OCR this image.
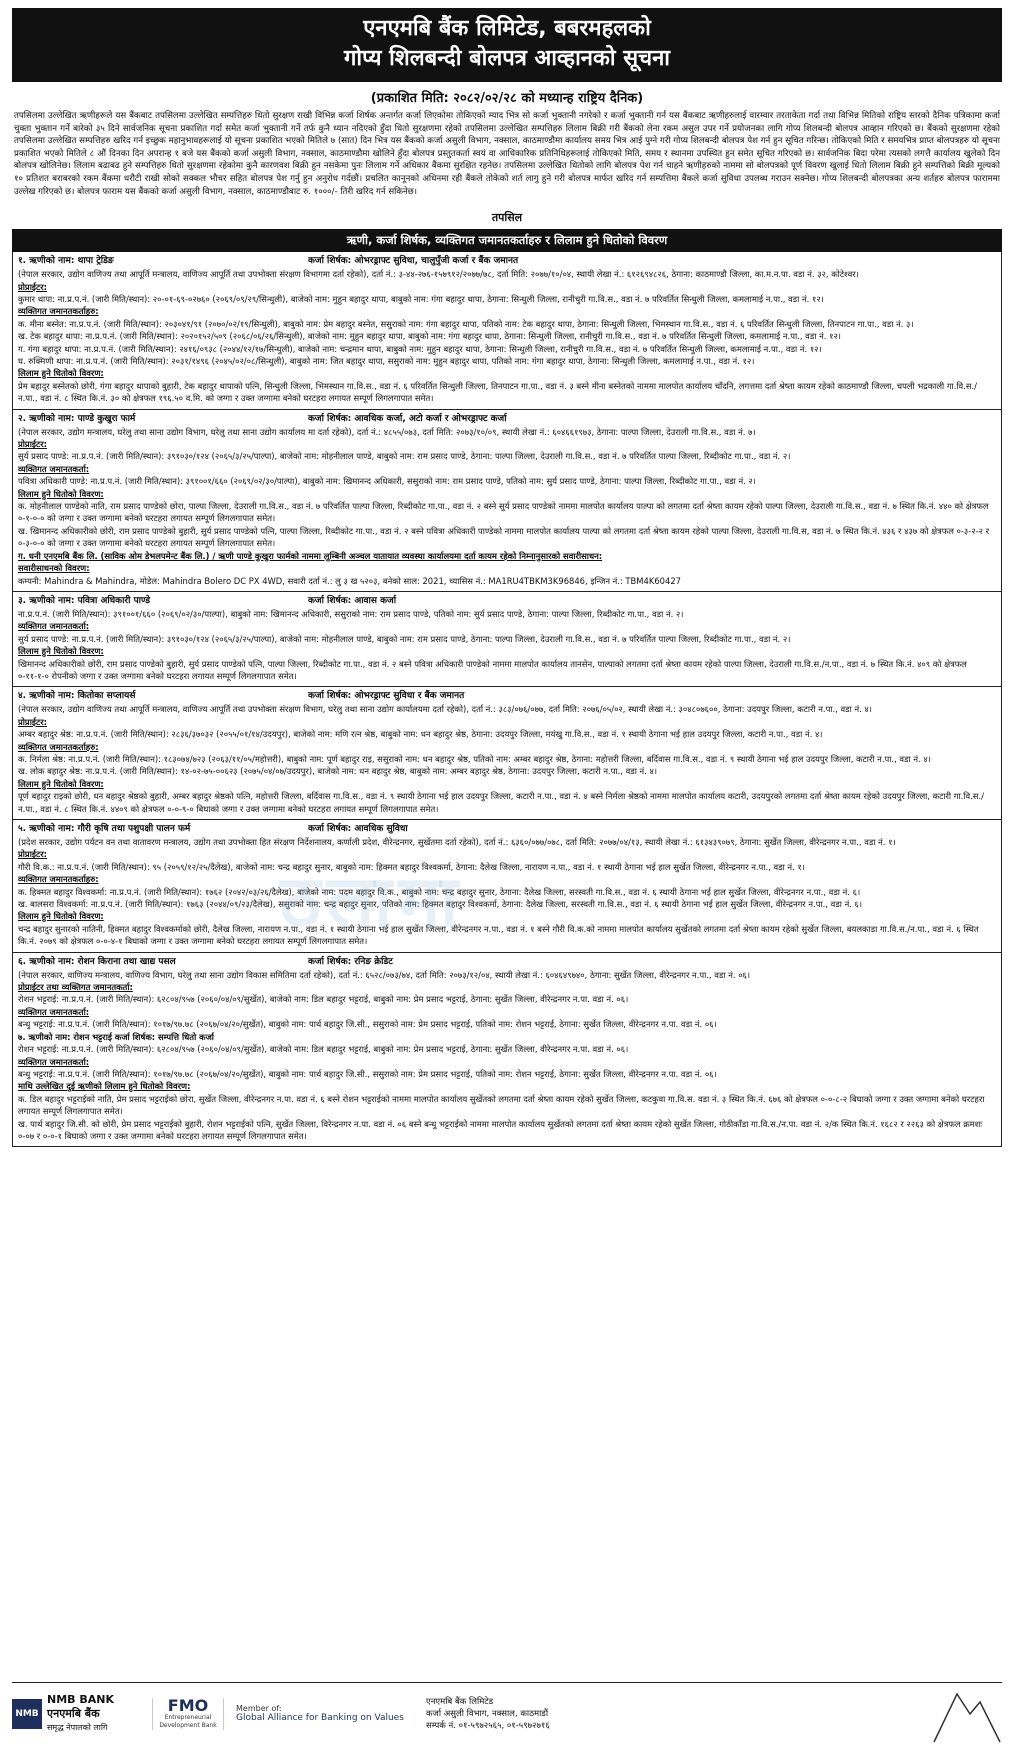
एनएमबि बैंक लिमिटेड, बबरमहलको
गोप्य शिलबन्दी बोलपत्र आव्हानको सूचना
(प्रकाशित मिति: २०८२/०२/२८ को मध्यान्ह राष्ट्रिय दैनिक)
तपसिलमा उल्लेखित ऋणीहरूले यस बैंकबाट तपसिलमा उल्लेखित सम्पत्तिहरु धितो सुरक्षण राखी विभिन्न कर्जा शिर्षक अन्तर्गत कर्जा लिएकोमा तोकिएको म्याद भित्र सो कर्जा भुक्तानी नगरेको र कर्जा भुक्तानी गर्न यस बैंकबाट ऋणीहरुलाई वारम्वार तरताकेता गर्दा तथा विभिन्न मितिको राष्ट्रिय स्तरको दैनिक पत्रिकामा कर्जा चुक्ता भुक्तान गर्ने बारेको ३५ दिने सार्वजनिक सूचना प्रकाशित गर्दा समेत कर्जा भुक्तानी गर्ने तर्फ कुनै ध्यान नदिएको हुँदा धितो सुरक्षणमा रहेको तपसिलमा उल्लेखित सम्पत्तिहरु लिलाम बिक्री गरी बैंकको लेना रकम असुल उपर गर्ने प्रयोजनका लागि गोप्य शिलबन्दी बोलपत्र आव्हान गरिएको छ। बैंकको सुरक्षणमा रहेको तपसिलमा उल्लेखित सम्पत्तिहरु खरिद गर्न इच्छुक महानुभावहरूलाई यो सूचना प्रकाशित भएको मितिले ७ (सात) दिन भित्र यस बैंकको कर्जा असुली विभाग, नक्साल, काठमाण्डौमा कार्यालय समय भित्र आई पुग्ने गरी गोप्य शिलबन्दी बोलपत्र पेश गर्न हुन सूचित गरिन्छ। तोकिएको मिति र समयभित्र प्राप्त बोलपत्रहरु यो सूचना प्रकाशित भएको मितिले ८ औं दिनका दिन अपरान्ह १ बजे यस बैंकको कर्जा असुली विभाग, नक्साल, काठमाण्डौमा खोलिने हुँदा बोलपत्र प्रस्तुतकर्ता स्वयं वा आधिकारिक प्रतिनिधिहरूलाई तोकिएको मिति, समय र स्थानमा उपस्थित हुन समेत सूचित गरिएको छ। सार्वजनिक बिदा परेमा त्यसको लगत्तै कार्यालय खुलेको दिन बोलपत्र खोलिनेछ। लिलाम बढाबढ हुने सम्पत्तिहरु धितो सुरक्षणमा रहेकोमा कुनै कारणवश बिक्री हुन नसकेमा पुनः लिलाम गर्ने अधिकार बैंकमा सुरक्षित रहनेछ। तपसिलमा उल्लेखित धितोको लागि बोलपत्र पेश गर्न चाहने ऋणीहरुको नाममा सो बोलपत्रको पूर्ण विवरण खुलाई धितो लिलाम बिक्री हुने सम्पत्तिको बिक्री मूल्यको १० प्रतिशत बराबरको रकम बैंकमा धरौटी राखी सोको सक्कल भौचर सहित बोलपत्र पेश गर्नु हुन अनुरोध गर्दछौं। प्रचलित कानूनको अधिनमा रही बैंकले तोकेको शर्त लागु हुने गरी बोलपत्र मार्फत खरिद गर्न सम्पत्तिमा बैंकले कर्जा सुविधा उपलब्ध गराउन सक्नेछ। गोप्य शिलबन्दी बोलपत्रका अन्य शर्तहरु बोलपत्र फाराममा उल्लेख गरिएको छ। बोलपत्र फाराम यस बैंकको कर्जा असुली विभाग, नक्साल, काठमाण्डौबाट रु. १०००/- तिरी खरिद गर्न सकिनेछ।
तपसिल
ऋणी, कर्जा शिर्षक, व्यक्तिगत जमानतकर्ताहरु र लिलाम हुने धितोको विवरण
१. ऋणीको नाम: थापा ट्रेडिङ	कर्जा शिर्षक: ओभरड्राफ्ट सुविधा, चालुपुँजी कर्जा र बैंक जमानत

(नेपाल सरकार, उद्योग वाणिज्य तथा आपूर्ति मन्त्रालय, वाणिज्य आपूर्ति तथा उपभोक्ता संरक्षण विभागमा दर्ता रहेको), दर्ता नं.: ३-४४-२७६-१५७९१२/२०७७/७८, दर्ता मिति: २०७७/१०/०४, स्थायी लेखा नं.: ६१२६९४८२६, ठेगाना: काठमाण्डौ जिल्ला, का.म.न.पा. वडा नं. ३२, कोटेश्वर।

प्रोप्राईटर:

कुमार थापा: ना.प्र.प.नं. (जारी मिति/स्थान): २०-०१-६९-०२७६० (२०६९/०९/२९/सिन्धुली), बाजेको नाम: मुहुन बहादुर थापा, बाबुको नाम: गंगा बहादुर थापा, ठेगाना: सिन्धुली जिल्ला, रानीचुरी गा.वि.स., वडा नं. ७ परिवर्तित सिन्धुली जिल्ला, कमलामाई न.पा., वडा नं. १२।

व्यक्तिगत जमानतकर्ताहरु:

क. मीना बस्नेत: ना.प्र.प.नं. (जारी मिति/स्थान): २०३०४१/९१ (२०७०/०२/१९/सिन्धुली), बाबुको नाम: प्रेम बहादुर बस्नेत, ससुराको नाम: गंगा बहादुर थापा, पतिको नाम: टेक बहादुर थापा, ठेगाना: सिन्धुली जिल्ला, भिमस्थान गा.वि.स., वडा नं. ६ परिवर्तित सिन्धुली जिल्ला, तिनपाटन गा.पा., वडा नं. ३।

ख. टेक बहादुर थापा: ना.प्र.प.नं. (जारी मिति/स्थान): २०२०१५२/५०९ (२०६८/०६/२६/सिन्धुली), बाजेको नाम: मुहुन बहादुर थापा, बाबुको नाम: गंगा बहादुर थापा, ठेगाना: सिन्धुली जिल्ला, रानीचुरी गा.वि.स., वडा नं. ७ परिवर्तित सिन्धुली जिल्ला, कमलामाई न.पा., वडा नं. १२।

ग. गंगा बहादुर थापा: ना.प्र.प.नं. (जारी मिति/स्थान): २४१६/०९३८ (२०४४/१२/१७/सिन्धुली), बाजेको नाम: चन्द्रमान थापा, बाबुको नाम: मुहुन बहादुर थापा, ठेगाना: सिन्धुली जिल्ला, रानीचुरी गा.वि.स., वडा नं. ७ परिवर्तित सिन्धुली जिल्ला, कमलामाई न.पा., वडा नं. १२।

घ. रुक्मिणी थापा: ना.प्र.प.नं. (जारी मिति/स्थान): २०३१/१४९६ (२०४५/०२/०८/सिन्धुली), बाबुको नाम: जित बहादुर थापा, ससुराको नाम: मुहुन बहादुर थापा, पतिको नाम: गंगा बहादुर थापा, ठेगाना: सिन्धुली जिल्ला, कमलामाई न.पा., वडा नं. १२।

लिलाम हुने धितोको विवरण:

प्रेम बहादुर बस्नेतको छोरी, गंगा बहादुर थापाको बुहारी, टेक बहादुर थापाको पत्नि, सिन्धुली जिल्ला, भिमस्थान गा.वि.स., वडा नं. ६ परिवर्तित सिन्धुली जिल्ला, तिनपाटन गा.पा., वडा नं. ३ बस्ने मीना बस्नेतको नाममा मालपोत कार्यालय चाँदनि, लगत्तमा दर्ता श्रेष्ता कायम रहेको काठमाण्डौ जिल्ला, चपली भद्रकाली गा.वि.स./न.पा., वडा नं. ८ स्थित कि.नं. ३० को क्षेत्रफल १९६.५० व.मि. को जग्गा र उक्त जग्गामा बनेको घरटहरा लगायत सम्पूर्ण लिगलगापात समेत।

२. ऋणीको नाम: पाण्डे कुखुरा फार्म	कर्जा शिर्षक: आवधिक कर्जा, अटो कर्जा र ओभरड्राफ्ट कर्जा

(नेपाल सरकार, उद्योग मन्त्रालय, घरेलु तथा साना उद्योग विभाग, घरेलु तथा साना उद्योग कार्यालय मा दर्ता रहेको), दर्ता नं.: ४८५५/०७३, दर्ता मिति: २०७३/१०/०९, स्थायी लेखा नं.: ६०४६६१९७३, ठेगाना: पाल्पा जिल्ला, देउराली गा.वि.स., वडा नं. ७।

प्रोप्राईटर:

सुर्य प्रसाद पाण्डे: ना.प्र.प.नं. (जारी मिति/स्थान): ३९१०३०/१२४ (२०६५/३/२५/पाल्पा), बाजेको नाम: मोहनीलाल पाण्डे, बाबुको नाम: राम प्रसाद पाण्डे, ठेगाना: पाल्पा जिल्ला, देउराली गा.वि.स., वडा नं. ७ परिवर्तित पाल्पा जिल्ला, रिब्दीकोट गा.पा., वडा नं. २।

व्यक्तिगत जमानतकर्ता:

पवित्रा अधिकारी पाण्डे: ना.प्र.प.नं. (जारी मिति/स्थान): ३९१००१/६६० (२०६९/०२/३०/पाल्पा), बाबुको नाम: खिमानन्द अधिकारी, ससुराको नाम: राम प्रसाद पाण्डे, पतिको नाम: सुर्य प्रसाद पाण्डे, ठेगाना: पाल्पा जिल्ला, रिब्दीकोट गा.पा., वडा नं. २।

लिलाम हुने धितोको विवरण:

क. मोहनीलाल पाण्डेको नाति, राम प्रसाद पाण्डेको छोरा, पाल्पा जिल्ला, देउराली गा.वि.स., वडा नं. ७ परिवर्तित पाल्पा जिल्ला, रिब्दीकोट गा.पा., वडा नं. २ बस्ने सुर्य प्रसाद पाण्डेको नाममा मालपोत कार्यालय पाल्पा को लगतमा दर्ता श्रेष्ता कायम रहेको पाल्पा जिल्ला, देउराली गा.वि.स., वडा नं. ७ स्थित कि.नं. ४४० को क्षेत्रफल ०-१-०-० को जग्गा र उक्त जग्गामा बनेको घरटहरा लगायत सम्पूर्ण लिगलगापात समेत।

ख. खिमानन्द अधिकारीको छोरी, राम प्रसाद पाण्डेको बुहारी, सुर्य प्रसाद पाण्डेको पत्नि, पाल्पा जिल्ला, रिब्दीकोट गा.पा., वडा नं. २ बस्ने पवित्रा अधिकारी पाण्डेको नाममा मालपोत कार्यालय पाल्पा को लगतमा दर्ता श्रेष्ता कायम रहेको पाल्पा जिल्ला, देउराली गा.वि.स, वडा नं. ७ स्थित कि.नं. ४३६ र ४३७ को क्षेत्रफल ०-३-२-२ र ०-३-०-० को जग्गा र उक्त जग्गामा बनेको घरटहरा लगायत सम्पूर्ण लिगलगापात समेत।

ग. धनी एनएमबि बैंक लि. (साविक ओम डेभलपमेन्ट बैंक लि.) / ऋणी पाण्डे कुखुरा फार्मको नाममा लुम्बिनी अञ्चल यातायात व्यवस्था कार्यालयमा दर्ता कायम रहेको निम्नानुसारको सवारीसाधन:

सवारीसाधनको विवरण:

कम्पनी: Mahindra & Mahindra, मोडेल: Mahindra Bolero DC PX 4WD, सवारी दर्ता नं.: लु ३ ख ५२०३, बनेको साल: 2021, च्यासिस नं.: MA1RU4TBKM3K96846, इन्जिन नं.: TBM4K60427

३. ऋणीको नाम: पवित्रा अधिकारी पाण्डे	कर्जा शिर्षक: आवास कर्जा

ना.प्र.प.नं. (जारी मिति/स्थान): ३९१००१/६६० (२०६९/०२/३०/पाल्पा), बाबुको नाम: खिमानन्द अधिकारी, ससुराको नाम: राम प्रसाद पाण्डे, पतिको नाम: सुर्य प्रसाद पाण्डे, ठेगाना: पाल्पा जिल्ला, रिब्दीकोट गा.पा., वडा नं. २।

व्यक्तिगत जमानतकर्ता:

सुर्य प्रसाद पाण्डे: ना.प्र.प.नं. (जारी मिति/स्थान): ३९१०३०/१२४ (२०६५/३/२५/पाल्पा), बाजेको नाम: मोहनीलाल पाण्डे, बाबुको नाम: राम प्रसाद पाण्डे, ठेगाना: पाल्पा जिल्ला, देउराली गा.वि.स., वडा नं. ७ परिवर्तित पाल्पा जिल्ला, रिब्दीकोट गा.पा., वडा नं. २।

लिलाम हुने धितोको विवरण:

खिमानन्द अधिकारीको छोरी, राम प्रसाद पाण्डेको बुहारी, सुर्य प्रसाद पाण्डेको पत्नि, पाल्पा जिल्ला, रिब्दीकोट गा.पा., वडा नं. २ बस्ने पवित्रा अधिकारी पाण्डेको नाममा मालपोत कार्यालय तानसेन, पाल्पाको लगतमा दर्ता श्रेष्ता कायम रहेको पाल्पा जिल्ला, देउराली गा.वि.स./न.पा., वडा नं. ७ स्थित कि.नं. ४०९ को क्षेत्रफल ०-११-१-० रोपनीको जग्गा र उक्त जग्गामा बनेको घरटहरा लगायत सम्पूर्ण लिगलगापात समेत।

४. ऋणीको नाम: कितोका सप्लायर्स	कर्जा शिर्षक: ओभरड्राफ्ट सुविधा र बैंक जमानत

(नेपाल सरकार, उद्योग वाणिज्य तथा आपूर्ति मन्त्रालय, वाणिज्य आपूर्ति तथा उपभोक्ता संरक्षण विभाग, घरेलु तथा साना उद्योग कार्यालयमा दर्ता रहेको), दर्ता नं.: ३८३/०७६/०७७, दर्ता मिति: २०७६/०५/०२, स्थायी लेखा नं.: ३०४८०७६००, ठेगाना: उदयपुर जिल्ला, कटारी न.पा., वडा नं. ४।

प्रोप्राईटर:

अम्बर बहादुर श्रेष्ठ: ना.प्र.प.नं. (जारी मिति/स्थान): २८३६/३७०३२ (२०५५/०१/१४/उदयपुर), बाजेको नाम: मणि रत्न श्रेष्ठ, बाबुको नाम: धन बहादुर श्रेष्ठ, ठेगाना: उदयपुर जिल्ला, मयंखु गा.वि.स., वडा नं. १ स्थायी ठेगाना भई हाल उदयपुर जिल्ला, कटारी न.पा., वडा नं. ४।

व्यक्तिगत जमानतकर्ताहरु:

क. निर्मला श्रेष्ठ: ना.प्र.प.नं. (जारी मिति/स्थान): १८३०७४/७२३ (२०६३/११/०५/महोत्तरी), बाबुको नाम: पूर्ण बहादुर राइ, ससुराको नाम: धन बहादुर श्रेष्ठ, पतिको नाम: अम्बर बहादुर श्रेष्ठ, ठेगाना: महोत्तरी जिल्ला, बर्दिवास गा.वि.स., वडा नं. ९ स्थायी ठेगाना भई हाल उदयपुर जिल्ला, कटारी न.पा., वडा नं. ४।

ख. लोक बहादुर श्रेष्ठ: ना.प्र.प.नं. (जारी मिति/स्थान): १४-०२-७५-००६२३ (२०७५/०४/०७/उदयपुर), बाजेको नाम: धन बहादुर श्रेष्ठ, बाबुको नाम: अम्बर बहादुर श्रेष्ठ, ठेगाना: उदयपुर जिल्ला, कटारी न.पा., वडा नं. ४।

लिलाम हुने धितोको विवरण:

पूर्ण बहादुर राइको छोरी, धन बहादुर श्रेष्ठको बुहारी, अम्बर बहादुर श्रेष्ठको पत्नि, महोत्तरी जिल्ला, बर्दिवास गा.वि.स., वडा नं. ९ स्थायी ठेगाना भई हाल उदयपुर जिल्ला, कटारी न.पा., वडा नं. ४ बस्ने निर्मला श्रेष्ठको नाममा मालपोत कार्यालय कटारी, उदयपुरको लगतमा दर्ता श्रेष्ता कायम रहेको उदयपुर जिल्ला, कटारी गा.वि.स./न.पा., वडा नं. ८ स्थित कि.नं. ४४०९ को क्षेत्रफल ०-०-९-० बिघाको जग्गा र उक्त जग्गामा बनेको घरटहरा लगायत सम्पूर्ण लिगलगापात समेत।

५. ऋणीको नाम: गौरी कृषि तथा पशुपक्षी पालन फर्म	कर्जा शिर्षक: आवधिक सुविधा

(प्रदेश सरकार, उद्योग पर्यटन वन तथा वातावरण मन्त्रालय, उद्योग तथा उपभोक्ता हित संरक्षण निर्देशनालय, कर्णाली प्रदेश, वीरेन्द्रनगर, सुर्खेतमा दर्ता रहेको), दर्ता नं.: ६३६०/०७७/०७८, दर्ता मिति: २०७७/०४/१३, स्थायी लेखा नं.: ६१३४३९०७९, ठेगाना: सुर्खेत जिल्ला, वीरेन्द्रनगर न.पा., वडा नं. १।

प्रोप्राईटर:

गौरी वि.क.: ना.प्र.प.नं. (जारी मिति/स्थान): ९५ (२०५९/१२/२५/दैलेख), बाजेको नाम: चन्द्र बहादुर सुनार, बाबुको नाम: हिक्मत बहादुर विश्वकर्मा, ठेगाना: दैलेख जिल्ला, नारायण न.पा., वडा नं. १ स्थायी ठेगाना भई हाल सुर्खेत जिल्ला, वीरेन्द्रनगर न.पा., वडा नं. १।

व्यक्तिगत जमानतकर्ताहरु:

क. हिक्मत बहादुर विश्वकर्मा: ना.प्र.प.नं. (जारी मिति/स्थान): १७६२ (२०४२/०३/२६/दैलेख), बाजेको नाम: पदम बहादुर वि.क., बाबुको नाम: चन्द्र बहादुर सुनार, ठेगाना: दैलेख जिल्ला, सरस्वती गा.वि.स., वडा नं. ६ स्थायी ठेगाना भई हाल सुर्खेत जिल्ला, वीरेन्द्रनगर न.पा., वडा नं. ६।

ख. बालसरा विश्वकर्मा: ना.प्र.प.नं. (जारी मिति/स्थान): १७६३ (२०४४/०९/२३/दैलेख), ससुराको नाम: चन्द्र बहादुर सुनार, पतिको नाम: हिक्मत बहादुर विश्वकर्मा, ठेगाना: दैलेख जिल्ला, सरस्वती गा.वि.स., वडा नं. ६ स्थायी ठेगाना भई हाल सुर्खेत जिल्ला, वीरेन्द्रनगर न.पा., वडा नं. ६।

लिलाम हुने धितोको विवरण:

चन्द्र बहादुर सुनारको नातिनी, हिक्मत बहादुर विश्वकर्माको छोरी, दैलेख जिल्ला, नारायण न.पा., वडा नं. १ स्थायी ठेगाना भई हाल सुर्खेत जिल्ला, वीरेन्द्रनगर न.पा., वडा नं. १ बस्ने गौरी वि.क.को नाममा मालपोत कार्यालय सुर्खेतको लगतमा दर्ता श्रेष्ता कायम रहेको सुर्खेत जिल्ला, बयलकाडा गा.वि.स./न.पा., वडा नं. ६ स्थित कि.नं. २०७९ को क्षेत्रफल ०-०-४-१ बिघाको जग्गा र उक्त जग्गामा बनेको घरटहरा लगायत सम्पूर्ण लिगलगापात समेत।

६. ऋणीको नाम: रोशन किराना तथा खाद्य पसल	कर्जा शिर्षक: रनिङ क्रेडिट

(नेपाल सरकार, वाणिज्य मन्त्रालय, वाणिज्य विभाग, घरेलु तथा साना उद्योग विकास समितिमा दर्ता रहेको), दर्ता नं.: ६५२८/०७३/७४, दर्ता मिति: २०७३/१२/०४, स्थायी लेखा नं.: ६०४६४९७४०, ठेगाना: सुर्खेत जिल्ला, वीरेन्द्रनगर न.पा., वडा नं. ०६।

प्रोप्राईटर तथा व्यक्तिगत जमानतकर्ता:

रोशन भट्टराई: ना.प्र.प.नं. (जारी मिति/स्थान): ६२८०४/९५७ (२०६०/०४/०९/सुर्खेत), बाजेको नाम: डिल बहादुर भट्टराई, बाबुको नाम: प्रेम प्रसाद भट्टराई, ठेगाना: सुर्खेत जिल्ला, वीरेन्द्रनगर न.पा. वडा नं. ०६।

व्यक्तिगत जमानतकर्ता:

बन्धु भट्टराई: ना.प्र.प.नं. (जारी मिति/स्थान): १०१७/९७.७८ (२०६७/०४/२०/सुर्खेत), बाबुको नाम: पार्थ बहादुर जि.सी., ससुराको नाम: प्रेम प्रसाद भट्टराई, पतिको नाम: रोशन भट्टराई, ठेगाना: सुर्खेत जिल्ला, वीरेन्द्रनगर न.पा. वडा नं. ०६।

७. ऋणीको नाम: रोशन भट्टराई कर्जा शिर्षक: सम्पत्ति धितो कर्जा

रोशन भट्टराई: ना.प्र.प.नं. (जारी मिति/स्थान): ६२८०४/९५७ (२०६०/०४/०९/सुर्खेत), बाजेको नाम: डिल बहादुर भट्टराई, बाबुको नाम: प्रेम प्रसाद भट्टराई, ठेगाना: सुर्खेत जिल्ला, वीरेन्द्रनगर न.पा. वडा नं. ०६।

व्यक्तिगत जमानतकर्ता:

बन्धु भट्टराई: ना.प्र.प.नं. (जारी मिति/स्थान): १०१७/९७.७८ (२०६७/०४/२०/सुर्खेत), बाबुको नाम: पार्थ बहादुर जि.सी., ससुराको नाम: प्रेम प्रसाद भट्टराई, पतिको नाम: रोशन भट्टराई, ठेगाना: सुर्खेत जिल्ला, वीरेन्द्रनगर न.पा. वडा नं. ०६।

माथि उल्लेखित दुई ऋणीको लिलाम हुने धितोको विवरण:

क. डिल बहादुर भट्टराईको नाति, प्रेम प्रसाद भट्टराईको छोरा, सुर्खेत जिल्ला, वीरेन्द्रनगर न.पा. वडा नं. ६ बस्ने रोशन भट्टराईको नाममा मालपोत कार्यालय सुर्खेतको लगतमा दर्ता श्रेष्ता कायम रहेको सुर्खेत जिल्ला, कटकुवा गा.वि.स. वडा नं. ३ स्थित कि.नं. ६७६ को क्षेत्रफल ०-०-८-२ बिघाको जग्गा र उक्त जग्गामा बनेको घरटहरा लगायत सम्पूर्ण लिगलगापात समेत।

ख. पार्थ बहादुर जि.सी. को छोरी, प्रेम प्रसाद भट्टराईको बुहारी, रोशन भट्टराईको पत्नि, सुर्खेत जिल्ला, विरेन्द्रनगर न.पा. वडा नं. ०६ बस्ने बन्धु भट्टराईको नाममा मालपोत कार्यालय सुर्खेतको लगतमा दर्ता श्रेष्ता कायम रहेको सुर्खेत जिल्ला, गोठीकाँडा गा.वि.स./न.पा. वडा नं. २/क स्थित कि.नं. १६८२ र २२६३ को क्षेत्रफल क्रमशः ०-०७ र ०-०-१ बिघाको जग्गा र उक्त जग्गामा बनेको घरटहरा लगायत सम्पूर्ण लिगलगापात समेत।

ठलामा
NMB
NMB BANK
एनएमबि बैंक
समृद्ध नेपालको लागि
FMO
Entrepreneurial Development Bank
Member of:
Global Alliance for Banking on Values
एनएमबि बैंक लिमिटेड
कर्जा असुली विभाग, नक्साल, काठमाडौं
सम्पर्क नं. ०१-५९७२५६५, ०१-५९७२७१६
